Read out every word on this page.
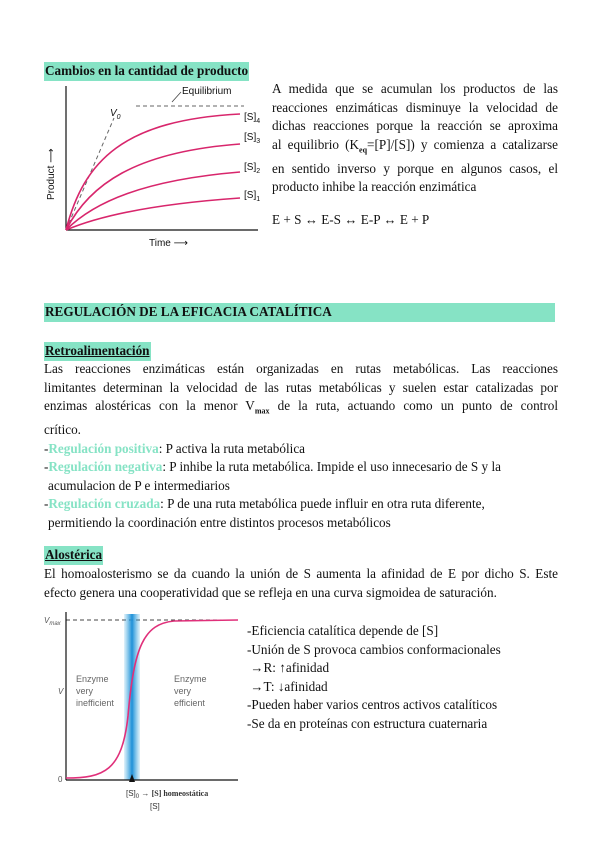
Cambios en la cantidad de producto
$V_0$
Equilibrium
$[S]_4$
$[S]_3$
$[S]_2$
$[S]_1$
Product ⟶
Time ⟶
A medida que se acumulan los productos de las
reacciones enzimáticas disminuye la velocidad de
dichas reacciones porque la reacción se aproxima
al equilibrio $(K_{eq}=[P]/[S])$ y comienza a catalizarse
en sentido inverso y porque en algunos casos, el
producto inhibe la reacción enzimática
E + S ↔ E-S ↔ E-P ↔ E + P
REGULACIÓN DE LA EFICACIA CATALÍTICA
Retroalimentación
Las reacciones enzimáticas están organizadas en rutas metabólicas. Las reacciones
limitantes determinan la velocidad de las rutas metabólicas y suelen estar catalizadas por
enzimas alostéricas con la menor $V_{max}$ de la ruta, actuando como un punto de control
crítico.
-Regulación positiva: P activa la ruta metabólica
-Regulación negativa: P inhibe la ruta metabólica. Impide el uso innecesario de S y la
acumulacion de P e intermediarios
-Regulación cruzada: P de una ruta metabólica puede influir en otra ruta diferente,
permitiendo la coordinación entre distintos procesos metabólicos
Alostérica
El homoalosterismo se da cuando la unión de S aumenta la afinidad de E por dicho S. Este
efecto genera una cooperatividad que se refleja en una curva sigmoidea de saturación.
$V_{max}$
V
0
Enzyme very inefficient
Enzyme very efficient
$[S]_0 \to [S]$ homeostática
[S]
-Eficiencia catalítica depende de [S]
-Unión de S provoca cambios conformacionales
→R: ↑afinidad
→T: ↓afinidad
-Pueden haber varios centros activos catalíticos
-Se da en proteínas con estructura cuaternaria
